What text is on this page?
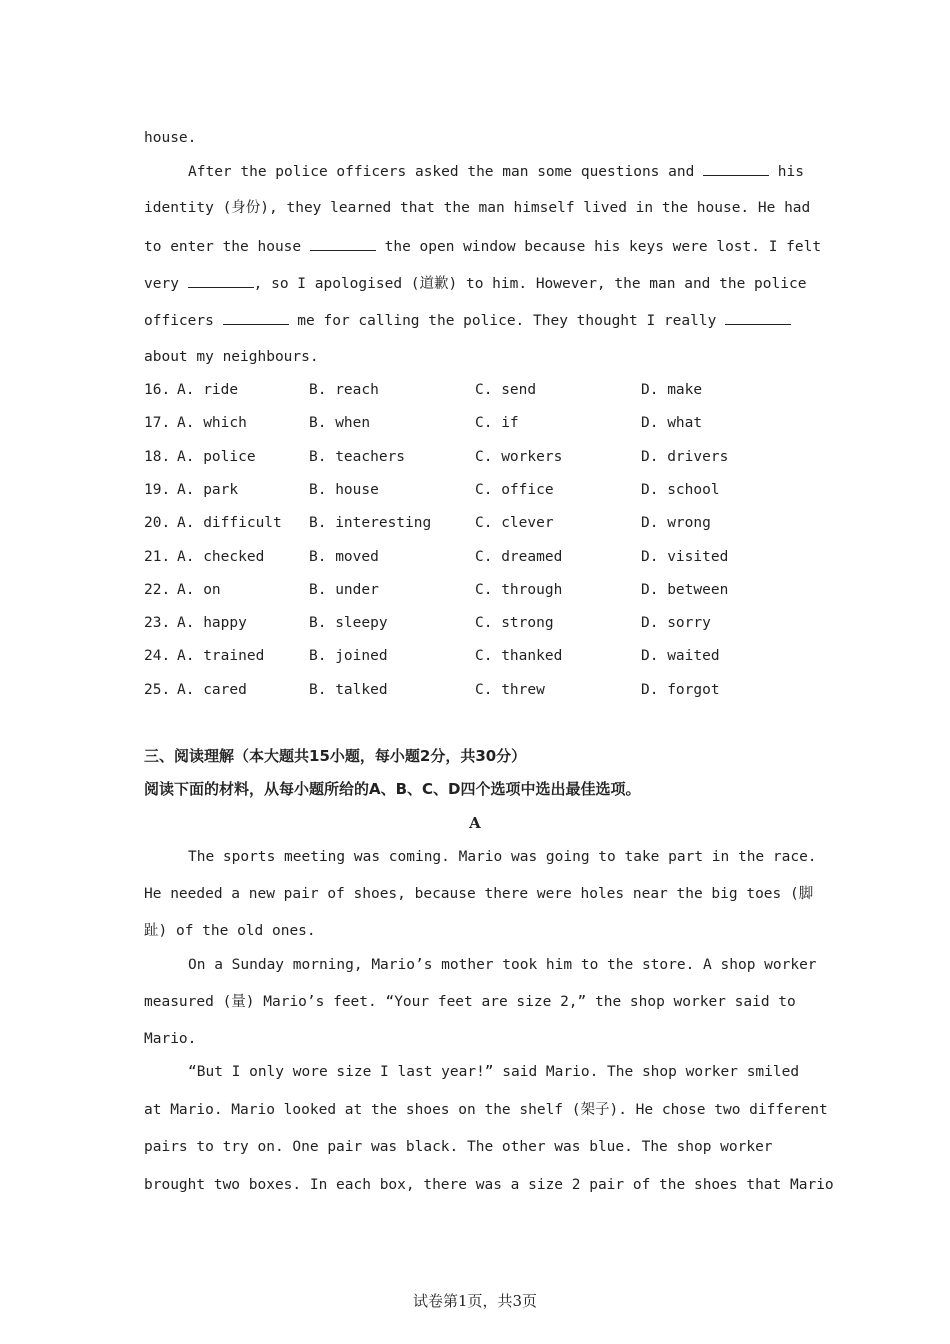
house.
After the police officers asked the man some questions and	his
identity (身份), they learned that the man himself lived in the house. He had
to enter the house	the open window because his keys were lost. I felt
very	, so I apologised (道歉) to him. However, the man and the police
officers	me for calling the police. They thought I really
about my neighbours.
16. A. ride	B. reach	C. send	D. make
17. A. which	B. when	C. if	D. what
18. A. police	B. teachers	C. workers	D. drivers
19. A. park	B. house	C. office	D. school
20. A. difficult B. interesting	C. clever	D. wrong
21. A. checked	B. moved	C. dreamed	D. visited
22. A. on	B. under	C. through	D. between
23. A. happy	B. sleepy	C. strong	D. sorry
24. A. trained	B. joined	C. thanked	D. waited
25. A. cared	B. talked	C. threw	D. forgot
三、阅读理解（本大题共15小题，每小题2分，共30分）
阅读下面的材料，从每小题所给的A、B、C、D四个选项中选出最佳选项。
A
The sports meeting was coming. Mario was going to take part in the race.
He needed a new pair of shoes, because there were holes near the big toes (脚
趾) of the old ones.
On a Sunday morning, Mario’s mother took him to the store. A shop worker
measured (量) Mario’s feet. “Your feet are size 2,” the shop worker said to
Mario.
“But I only wore size I last year!” said Mario. The shop worker smiled
at Mario. Mario looked at the shoes on the shelf (架子). He chose two different
pairs to try on. One pair was black. The other was blue. The shop worker
brought two boxes. In each box, there was a size 2 pair of the shoes that Mario
试卷第1页，共3页
